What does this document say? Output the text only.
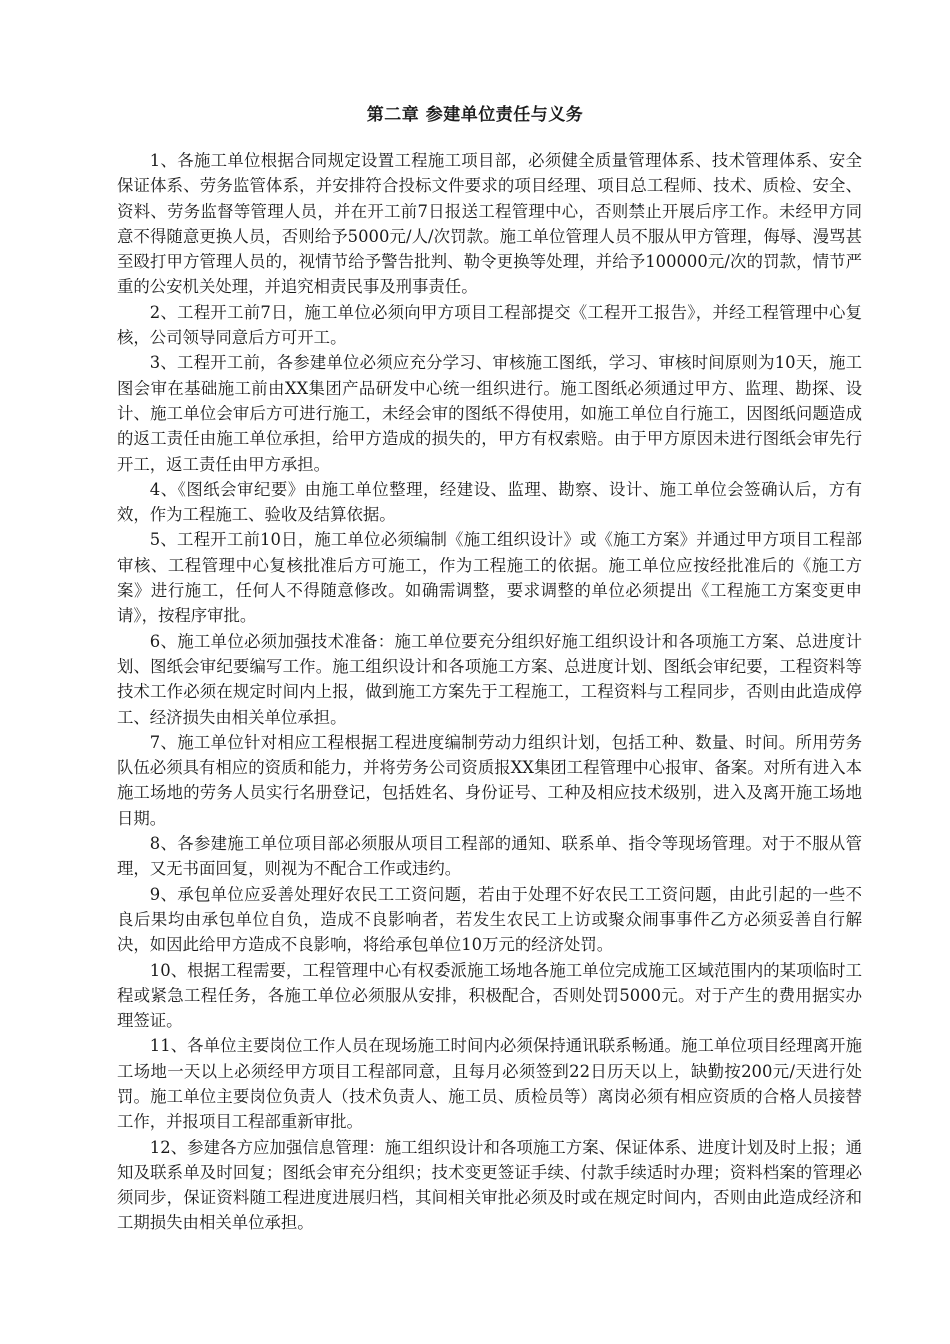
第二章 参建单位责任与义务

1、各施工单位根据合同规定设置工程施工项目部，必须健全质量管理体系、技术管理体系、安全保证体系、劳务监管体系，并安排符合投标文件要求的项目经理、项目总工程师、技术、质检、安全、资料、劳务监督等管理人员，并在开工前7日报送工程管理中心，否则禁止开展后序工作。未经甲方同意不得随意更换人员，否则给予5000元/人/次罚款。施工单位管理人员不服从甲方管理，侮辱、漫骂甚至殴打甲方管理人员的，视情节给予警告批判、勒令更换等处理，并给予100000元/次的罚款，情节严重的公安机关处理，并追究相责民事及刑事责任。

2、工程开工前7日，施工单位必须向甲方项目工程部提交《工程开工报告》，并经工程管理中心复核，公司领导同意后方可开工。

3、工程开工前，各参建单位必须应充分学习、审核施工图纸，学习、审核时间原则为10天，施工图会审在基础施工前由XX集团产品研发中心统一组织进行。施工图纸必须通过甲方、监理、勘探、设计、施工单位会审后方可进行施工，未经会审的图纸不得使用，如施工单位自行施工，因图纸问题造成的返工责任由施工单位承担，给甲方造成的损失的，甲方有权索赔。由于甲方原因未进行图纸会审先行开工，返工责任由甲方承担。

4、《图纸会审纪要》由施工单位整理，经建设、监理、勘察、设计、施工单位会签确认后，方有效，作为工程施工、验收及结算依据。

5、工程开工前10日，施工单位必须编制《施工组织设计》或《施工方案》并通过甲方项目工程部审核、工程管理中心复核批准后方可施工，作为工程施工的依据。施工单位应按经批准后的《施工方案》进行施工，任何人不得随意修改。如确需调整，要求调整的单位必须提出《工程施工方案变更申请》，按程序审批。

6、施工单位必须加强技术准备：施工单位要充分组织好施工组织设计和各项施工方案、总进度计划、图纸会审纪要编写工作。施工组织设计和各项施工方案、总进度计划、图纸会审纪要，工程资料等技术工作必须在规定时间内上报，做到施工方案先于工程施工，工程资料与工程同步，否则由此造成停工、经济损失由相关单位承担。

7、施工单位针对相应工程根据工程进度编制劳动力组织计划，包括工种、数量、时间。所用劳务队伍必须具有相应的资质和能力，并将劳务公司资质报XX集团工程管理中心报审、备案。对所有进入本施工场地的劳务人员实行名册登记，包括姓名、身份证号、工种及相应技术级别，进入及离开施工场地日期。

8、各参建施工单位项目部必须服从项目工程部的通知、联系单、指令等现场管理。对于不服从管理，又无书面回复，则视为不配合工作或违约。

9、承包单位应妥善处理好农民工工资问题，若由于处理不好农民工工资问题，由此引起的一些不良后果均由承包单位自负，造成不良影响者，若发生农民工上访或聚众闹事事件乙方必须妥善自行解决，如因此给甲方造成不良影响，将给承包单位10万元的经济处罚。

10、根据工程需要，工程管理中心有权委派施工场地各施工单位完成施工区域范围内的某项临时工程或紧急工程任务，各施工单位必须服从安排，积极配合，否则处罚5000元。对于产生的费用据实办理签证。

11、各单位主要岗位工作人员在现场施工时间内必须保持通讯联系畅通。施工单位项目经理离开施工场地一天以上必须经甲方项目工程部同意，且每月必须签到22日历天以上，缺勤按200元/天进行处罚。施工单位主要岗位负责人（技术负责人、施工员、质检员等）离岗必须有相应资质的合格人员接替工作，并报项目工程部重新审批。

12、参建各方应加强信息管理：施工组织设计和各项施工方案、保证体系、进度计划及时上报；通知及联系单及时回复；图纸会审充分组织；技术变更签证手续、付款手续适时办理；资料档案的管理必须同步，保证资料随工程进度进展归档，其间相关审批必须及时或在规定时间内，否则由此造成经济和工期损失由相关单位承担。
